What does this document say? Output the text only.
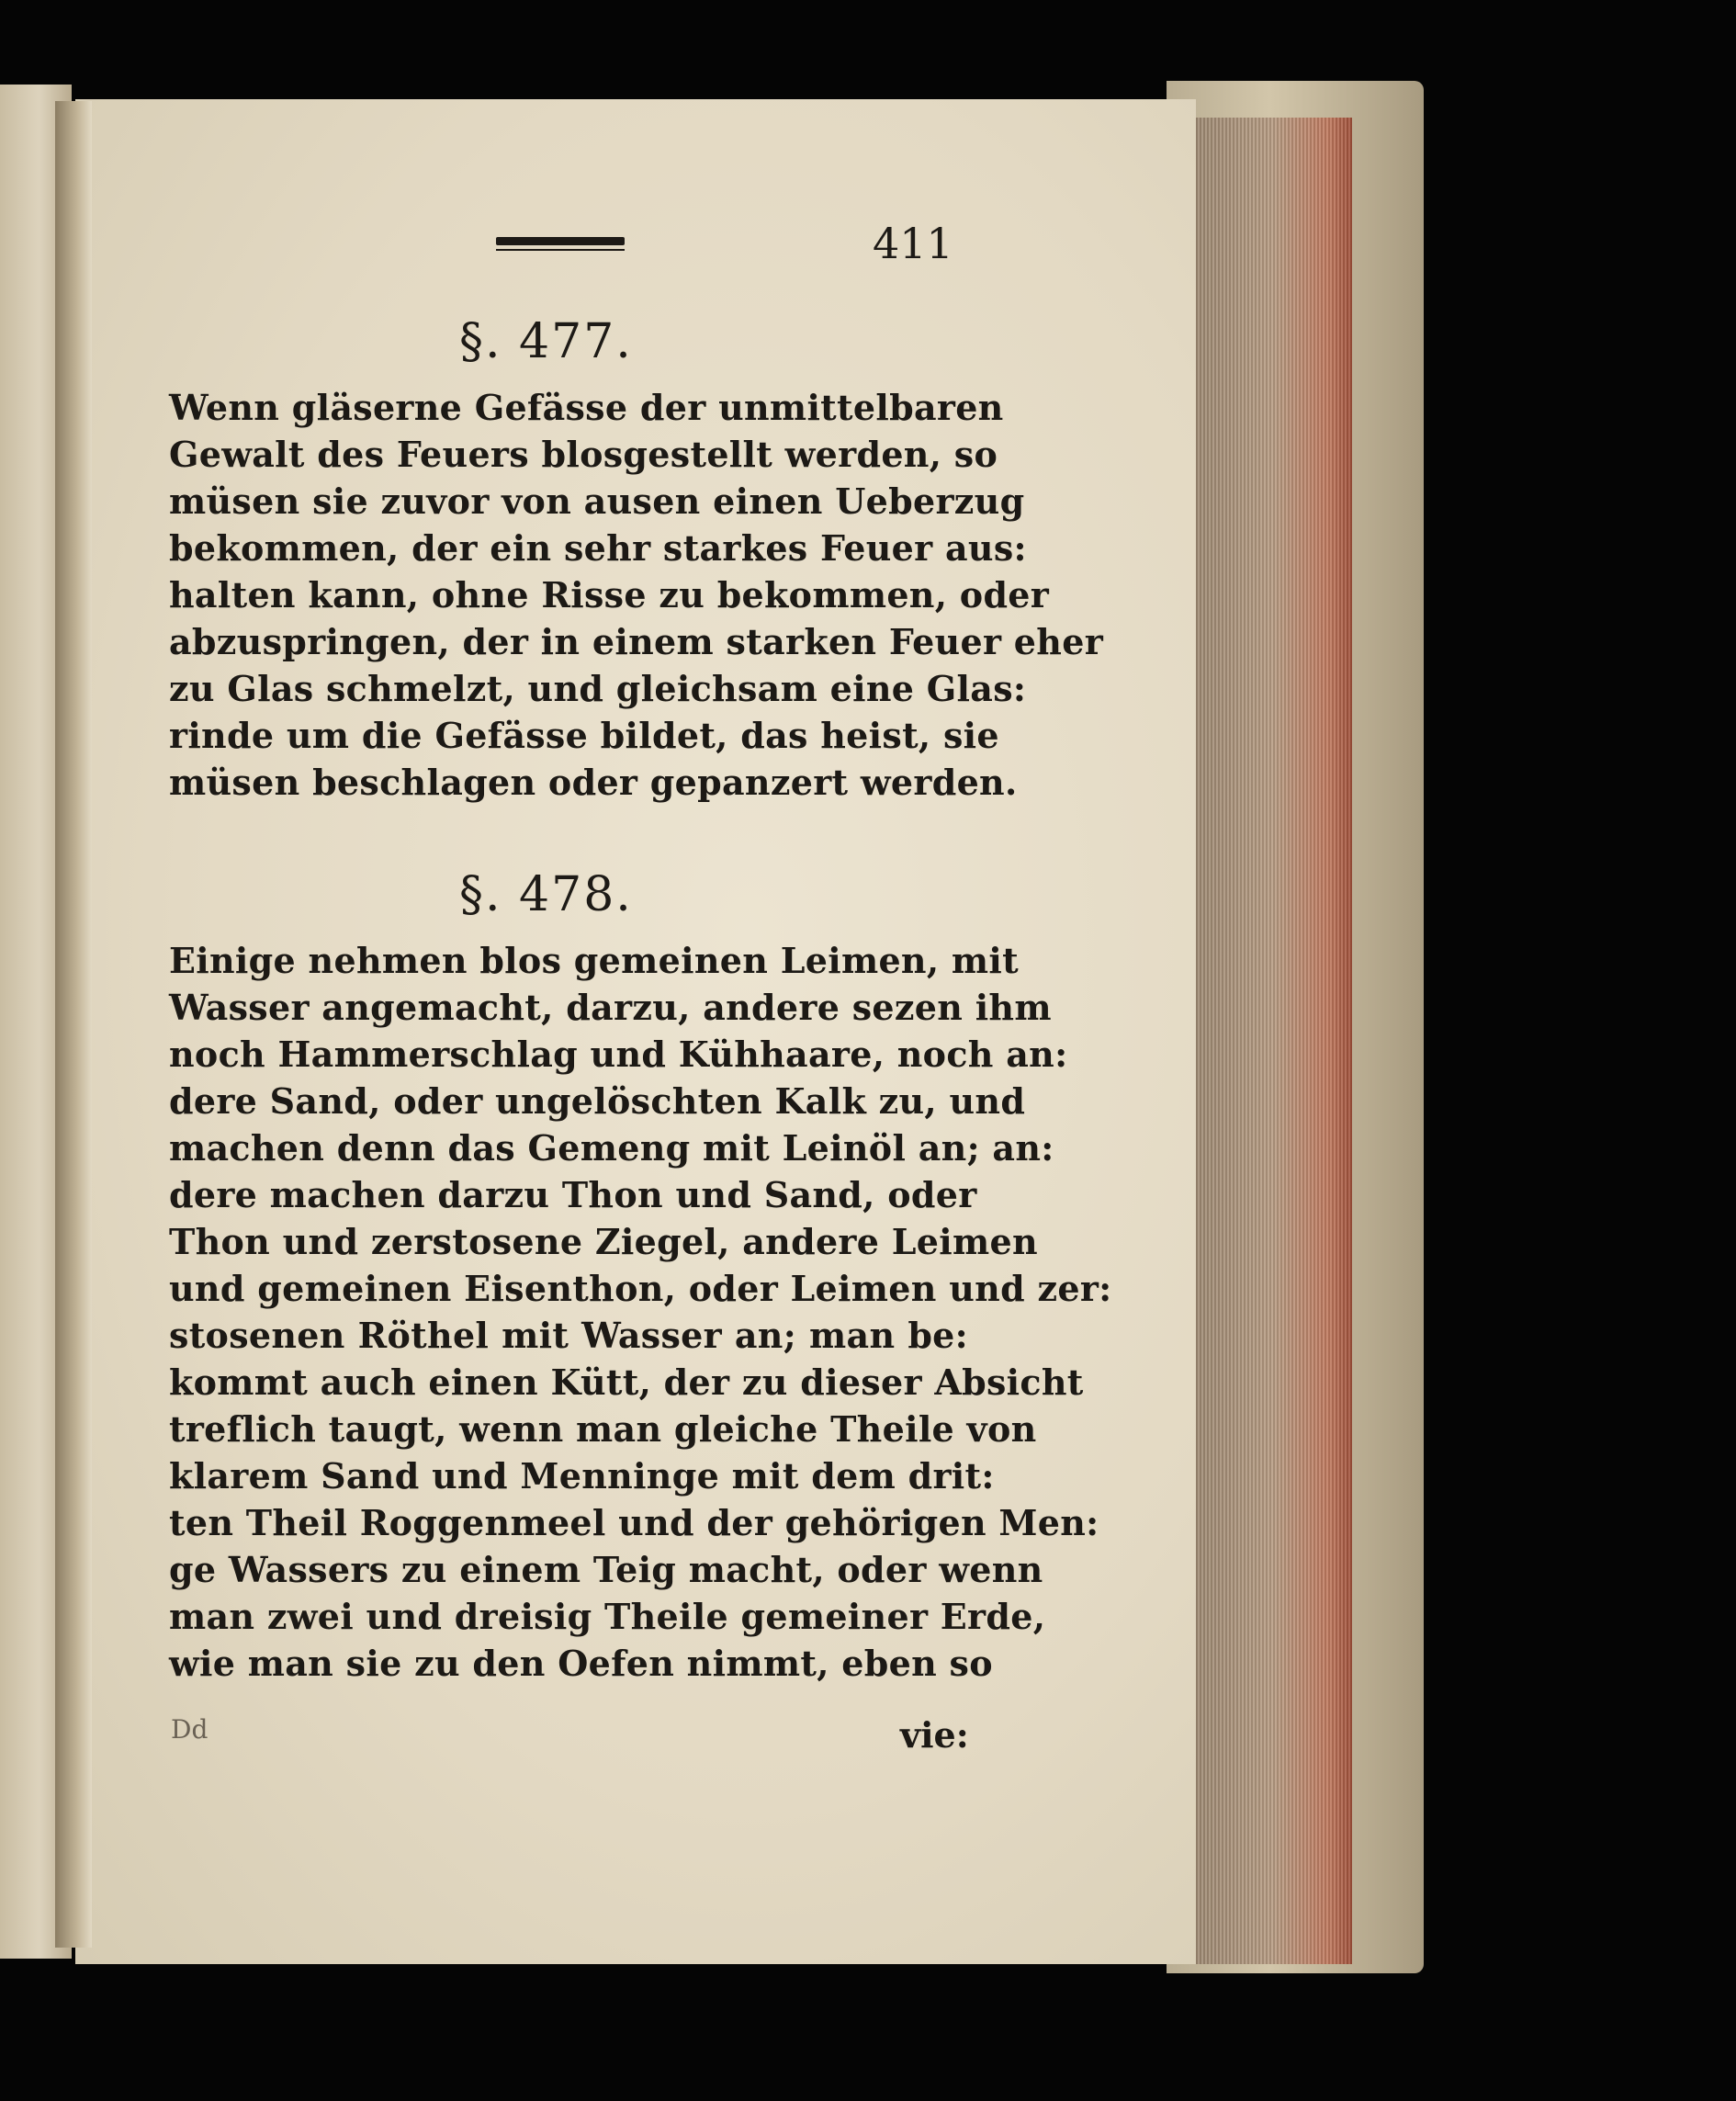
411
§. 477.
Wenn gläserne Gefässe der unmittelbaren
Gewalt des Feuers blosgestellt werden, so
müsen sie zuvor von ausen einen Ueberzug
bekommen, der ein sehr starkes Feuer aus:
halten kann, ohne Risse zu bekommen, oder
abzuspringen, der in einem starken Feuer eher
zu Glas schmelzt, und gleichsam eine Glas:
rinde um die Gefässe bildet, das heist, sie
müsen beschlagen oder gepanzert werden.
§. 478.
Einige nehmen blos gemeinen Leimen, mit
Wasser angemacht, darzu, andere sezen ihm
noch Hammerschlag und Kühhaare, noch an:
dere Sand, oder ungelöschten Kalk zu, und
machen denn das Gemeng mit Leinöl an; an:
dere machen darzu Thon und Sand, oder
Thon und zerstosene Ziegel, andere Leimen
und gemeinen Eisenthon, oder Leimen und zer:
stosenen Röthel mit Wasser an; man be:
kommt auch einen Kütt, der zu dieser Absicht
treflich taugt, wenn man gleiche Theile von
klarem Sand und Menninge mit dem drit:
ten Theil Roggenmeel und der gehörigen Men:
ge Wassers zu einem Teig macht, oder wenn
man zwei und dreisig Theile gemeiner Erde,
wie man sie zu den Oefen nimmt, eben so
Dd	vie:
